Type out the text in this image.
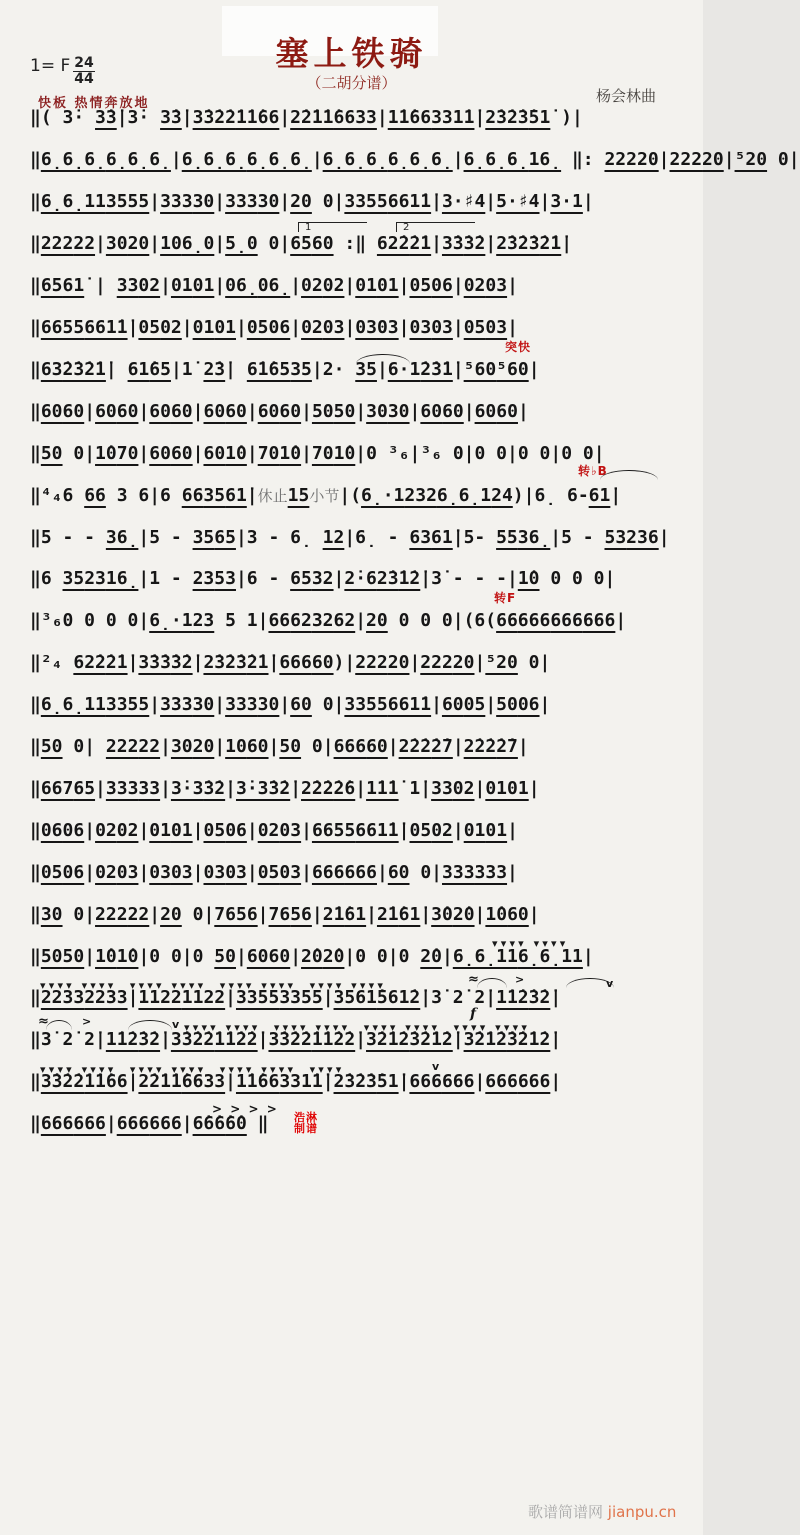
1= F 24
44
塞上铁骑
（二胡分谱）
快板 热情奔放地	杨会林曲
‖( 3̇· 3̇3̇ |3̇· 3̇3̇ | 3̇3̇2̇2̇ 1̇1̇66 | 2̇2̇1̇1̇ 6633 | 1̇1̇66 331̇1̇ | 2̇3̇2̇3̇ 51̇ )|
‖ 6̣6̣6̣ 6̣6̣6̣ | 6̣6̣6̣ 6̣6̣6̣ | 6̣6̣6̣ 6̣6̣6̣ | 6̣6̣6̣ 16̣ ‖: 222 20 | 222 20 | ⁵20 0|
‖ 6̣6̣11 3555 | 333 30 | 333 30 | 20 0| 3355 661̇1̇ | 3·♯4 | 5·♯4 | 3·1 |
‖ 222 22 | 30 20 | 10 6̣0 | 5̣0 0| 65 60 :‖ 62̇2̇ 2̇1̇ | 3̇3̇ 3̇2̇ | 2̇3̇2̇3̇ 2̇1̇ |
‖ 65 61̇ | 33 02 | 01 01 | 06̣ 06̣ | 02 02 | 01 01 | 05 06 | 02 03 |
‖ 6655 661̇1̇ | 05 02 | 01 01 | 05 06 | 02 03 | 03 03 | 03 03 | 05 03 |
‖ 63̇ 2̇3̇2̇1̇ | 61̇ 65 |1̇ 2̇3̇ | 6̇1̇65 35 |2· 35 | 6·1̇ 2̇3̇1̇ | ⁵60 ⁵60 |
‖ 60 60 | 60 60 | 60 60 | 60 60 | 60 60 | 50 50 | 30 30 | 60 60 | 60 60 |
‖ 50 0| 1̇0 70 | 60 60 | 60 1̇0 | 70 1̇0 | 70 1̇0 |0 ³₆|³₆ 0|0 0|0 0|0 0|
‖⁴₄6 66 3 6|6 66 35 61̇ | 休止 15 小节 |( 6̣·1 232 6̣6̣1 24 )|6̣ 6- 61̇ |
‖5 - - 36̣ |5 - 35 65 |3 - 6̣ 12 |6̣ - 63 61̇ |5- 55 36̣ |5 - 53 236 |
‖6 35 23 16̣ |1 - 23 53 |6 - 65 32 | 2̇·6 2̇3̇ 1̇2̇ |3̇ - - -| 1̇0 0 0 0|
‖³₆0 0 0 0| 6̣·1 23 5 1| 66 62 32 62 | 20 0 0 0|(6( 66 666 666 666 |
‖²₄ 62̇2̇ 2̇1̇ | 3̇3̇3̇ 3̇2̇ | 2̇3̇2̇3̇ 2̇1̇ | 666 60 )| 222 20 | 222 20 | ⁵20 0|
‖ 6̣6̣11 3355 | 333 30 | 333 30 | 60 0| 3355 661̇1̇ | 60 05 | 50 06 |
‖ 50 0| 222 22 | 30 20 | 10 60 | 50 0| 666 60 | 2̇2̇2̇ 2̇7 | 2̇2̇2̇ 2̇7 |
‖ 667 65 | 333 33 | 3̇·3̇ 3̇2̇ | 3̇·3̇ 3̇2̇ | 2̇2̇2̇ 2̇6 | 1̇1̇1̇ 1̇| 33 02 | 01 01 |
‖ 06 06 | 02 02 | 01 01 | 05 06 | 02 03 | 6655 661̇1̇ | 05 02 | 01 01 |
‖ 05 06 | 02 03 | 03 03 | 03 03 | 05 03 | 666 666 | 60 0| 333 333 |
‖ 30 0| 222 22 | 20 0| 76 56 | 76 56 | 2̇1̇ 61̇ | 2̇1̇ 61̇ | 3̇0 2̇0 | 1̇0 60 |
‖ 50 50 | 1̇0 1̇0 |0 0|0 50 | 60 60 | 2̇0 2̇0 |0 0|0 2̇0 | 6̣6̣11 6̣6̣11 |
‖ 2233 2233 | 1122 1122 | 3355 3355 | 3561̇ 561̇2̇ |3̇ 2̇ 2̇| 1̇1̇2̇ 3̇2̇ |
‖3̇ 2̇ 2̇| 1̇1̇2̇ 3̇2̇ | 3̇3̇2̇2̇ 1̇1̇2̇2̇ | 3̇3̇2̇2̇ 1̇1̇2̇2̇ | 3̇2̇1̇2̇ 3̇2̇1̇2̇ | 3̇2̇1̇2̇ 3̇2̇1̇2̇ |
‖ 3̇3̇2̇2̇ 1̇1̇66 | 2̇2̇1̇1̇ 6633 | 1̇1̇66 331̇1̇ | 2̇3̇2̇3̇ 51̇ | 666 666 | 666 666 |
‖ 666 666 | 666 666 | 6̇6̇6̇ 6̇0 ‖
1	2
突快
转♭B
转F
▾▾▾▾ ▾▾▾▾
▾▾▾▾ ▾▾▾▾  ▾▾▾▾ ▾▾▾▾  ▾▾▾▾ ▾▾▾▾  ▾▾▾▾ ▾▾▾▾	≈	>	v
f
≈	>	v ▾▾▾▾ ▾▾▾▾  ▾▾▾▾ ▾▾▾▾  ▾▾▾▾ ▾▾▾▾  ▾▾▾▾ ▾▾▾▾
▾▾▾▾ ▾▾▾▾  ▾▾▾▾ ▾▾▾▾  ▾▾▾▾ ▾▾▾▾  ▾▾▾▾	v
> > > >
浩淋
制谱
歌谱简谱网 jianpu.cn
